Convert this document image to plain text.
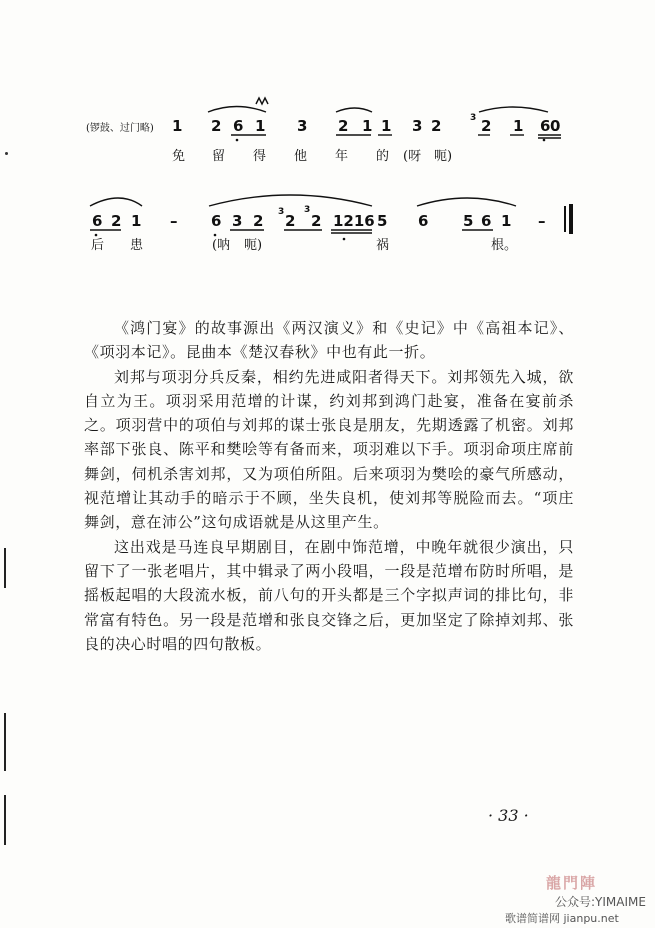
(锣鼓、过门略) 1 2 6 1 3 2 1 1 3 2	2 1 6 0
3
免 留 得 他 年 的 (呀 呃)
6 2 1 – 6 3 2 2 2 1216 5 6 5 6 1 –
3 3
后 患	(呐 呃)	祸	根。

《鸿门宴》的故事源出《两汉演义》和《史记》中《高祖本记》、《项羽本记》。昆曲本《楚汉春秋》中也有此一折。

刘邦与项羽分兵反秦，相约先进咸阳者得天下。刘邦领先入城，欲自立为王。项羽采用范增的计谋，约刘邦到鸿门赴宴，准备在宴前杀之。项羽营中的项伯与刘邦的谋士张良是朋友，先期透露了机密。刘邦率部下张良、陈平和樊哙等有备而来，项羽难以下手。项羽命项庄席前舞剑，伺机杀害刘邦，又为项伯所阻。后来项羽为樊哙的豪气所感动，视范增让其动手的暗示于不顾，坐失良机，使刘邦等脱险而去。“项庄舞剑，意在沛公”这句成语就是从这里产生。

这出戏是马连良早期剧目，在剧中饰范增，中晚年就很少演出，只留下了一张老唱片，其中辑录了两小段唱，一段是范增布防时所唱，是摇板起唱的大段流水板，前八句的开头都是三个字拟声词的排比句，非常富有特色。另一段是范增和张良交锋之后，更加坚定了除掉刘邦、张良的决心时唱的四句散板。

· 33 ·
龍門陣
公众号:YIMAIME
歌谱简谱网 jianpu.net
